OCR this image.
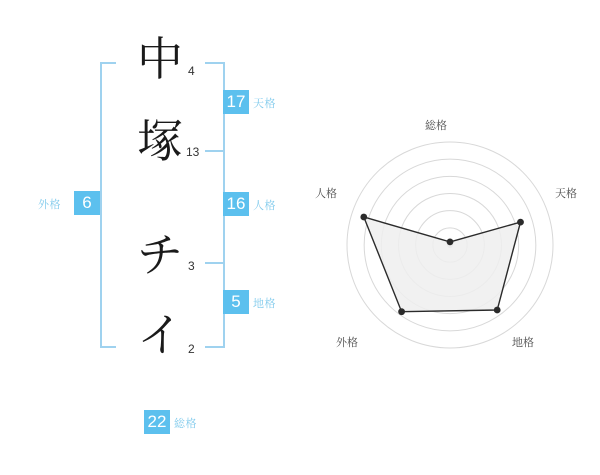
中
塚
チ
イ
4
13
3
2
17 天格
16 人格
5	地格
6
外格
22 総格
総格
天格
地格
外格
人格
